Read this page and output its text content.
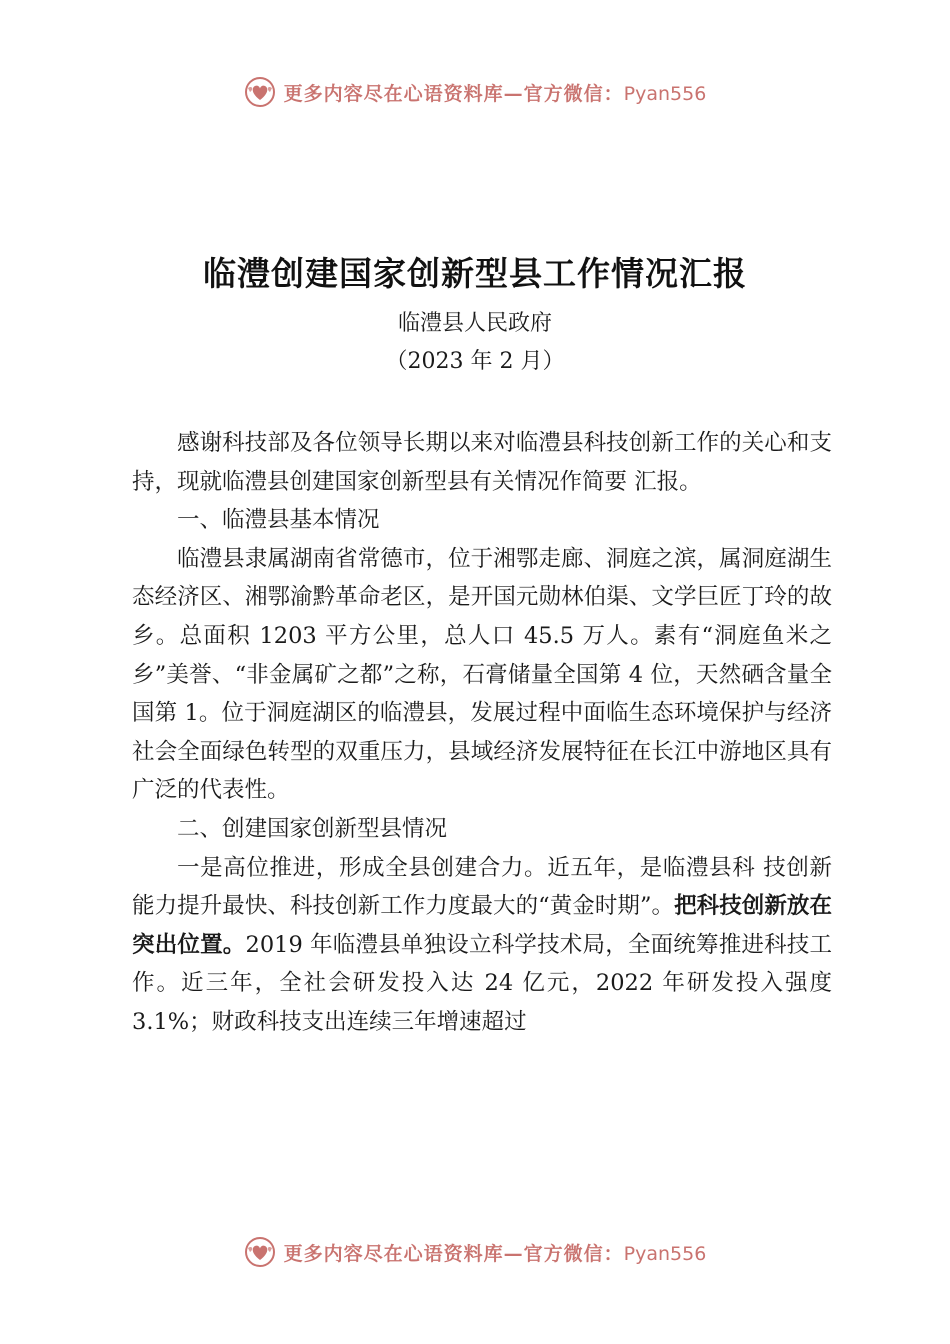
更多内容尽在心语资料库—官方微信：Pyan556
临澧创建国家创新型县工作情况汇报
临澧县人民政府
（2023 年 2 月）

感谢科技部及各位领导长期以来对临澧县科技创新工作的关心和支持，现就临澧县创建国家创新型县有关情况作简要 汇报。

一、临澧县基本情况

临澧县隶属湖南省常德市，位于湘鄂走廊、洞庭之滨，属洞庭湖生态经济区、湘鄂渝黔革命老区，是开国元勋林伯渠、文学巨匠丁玲的故乡。总面积 1203 平方公里，总人口 45.5 万人。素有“洞庭鱼米之乡”美誉、“非金属矿之都”之称，石膏储量全国第 4 位，天然硒含量全国第 1。位于洞庭湖区的临澧县，发展过程中面临生态环境保护与经济社会全面绿色转型的双重压力，县域经济发展特征在长江中游地区具有广泛的代表性。

二、创建国家创新型县情况

一是高位推进，形成全县创建合力。近五年，是临澧县科 技创新能力提升最快、科技创新工作力度最大的“黄金时期”。把科技创新放在突出位置。2019 年临澧县单独设立科学技术局，全面统筹推进科技工作。近三年，全社会研发投入达 24 亿元，2022 年研发投入强度 3.1%；财政科技支出连续三年增速超过

更多内容尽在心语资料库—官方微信：Pyan556
